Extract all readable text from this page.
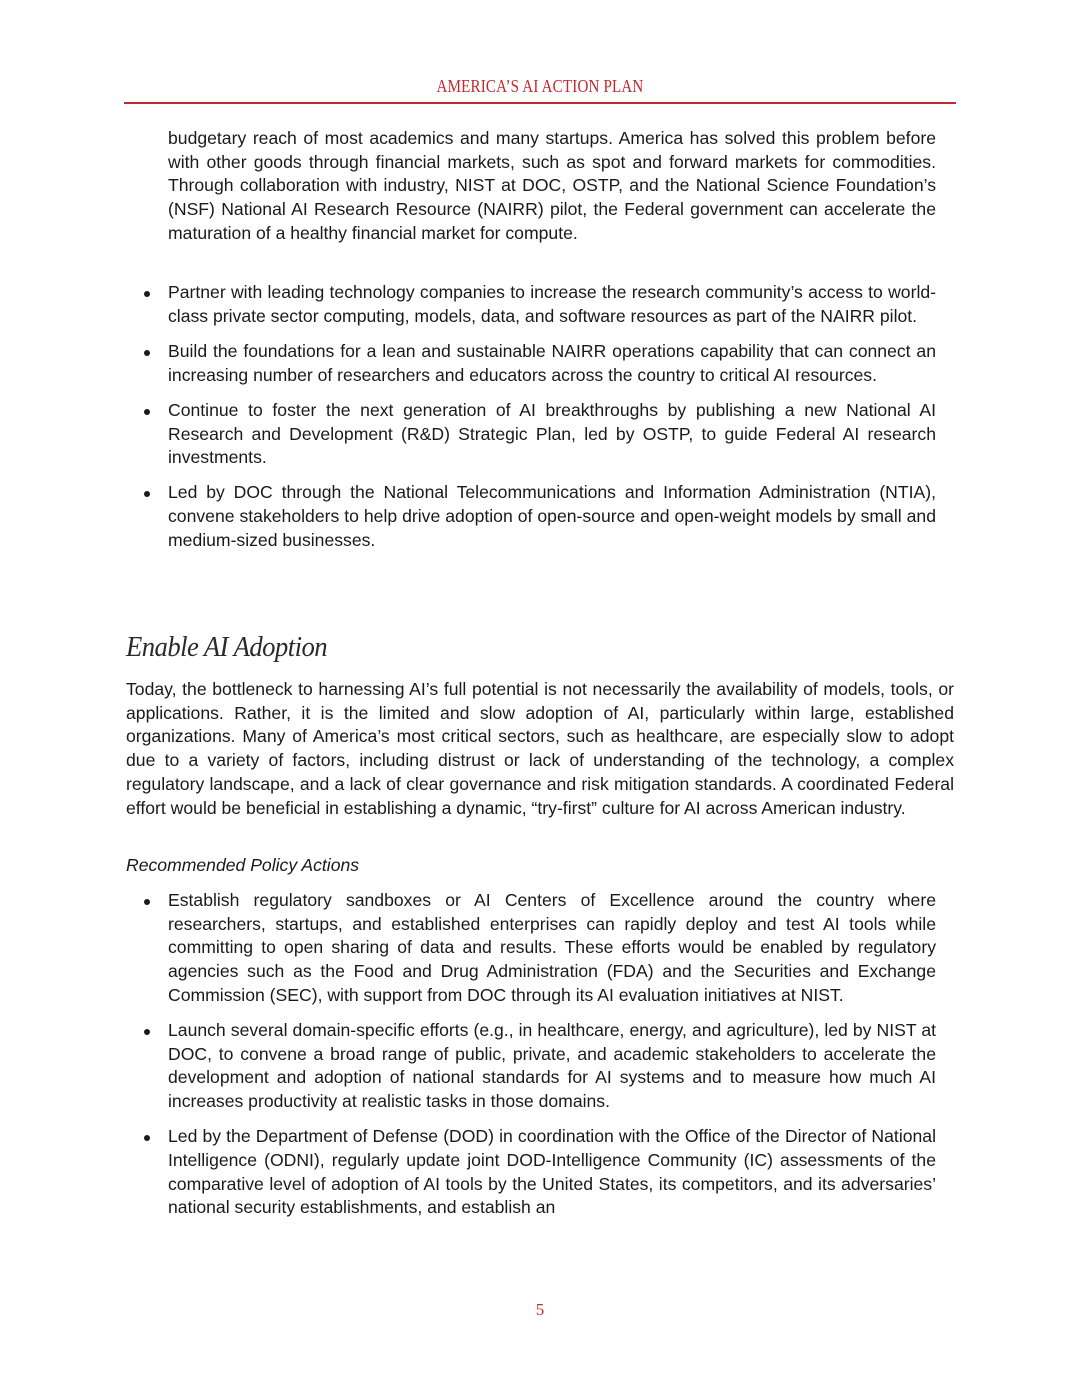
AMERICA’S AI ACTION PLAN

budgetary reach of most academics and many startups. America has solved this problem before with other goods through financial markets, such as spot and forward markets for commodities. Through collaboration with industry, NIST at DOC, OSTP, and the National Science Foundation’s (NSF) National AI Research Resource (NAIRR) pilot, the Federal government can accelerate the maturation of a healthy financial market for compute.

Partner with leading technology companies to increase the research community’s access to world-class private sector computing, models, data, and software resources as part of the NAIRR pilot.
Build the foundations for a lean and sustainable NAIRR operations capability that can connect an increasing number of researchers and educators across the country to critical AI resources.
Continue to foster the next generation of AI breakthroughs by publishing a new National AI Research and Development (R&D) Strategic Plan, led by OSTP, to guide Federal AI research investments.
Led by DOC through the National Telecommunications and Information Administration (NTIA), convene stakeholders to help drive adoption of open-source and open-weight models by small and medium-sized businesses.
Enable AI Adoption

Today, the bottleneck to harnessing AI’s full potential is not necessarily the availability of models, tools, or applications. Rather, it is the limited and slow adoption of AI, particularly within large, established organizations. Many of America’s most critical sectors, such as healthcare, are especially slow to adopt due to a variety of factors, including distrust or lack of understanding of the technology, a complex regulatory landscape, and a lack of clear governance and risk mitigation standards. A coordinated Federal effort would be beneficial in establishing a dynamic, “try-first” culture for AI across American industry.

Recommended Policy Actions

Establish regulatory sandboxes or AI Centers of Excellence around the country where researchers, startups, and established enterprises can rapidly deploy and test AI tools while committing to open sharing of data and results. These efforts would be enabled by regulatory agencies such as the Food and Drug Administration (FDA) and the Securities and Exchange Commission (SEC), with support from DOC through its AI evaluation initiatives at NIST.
Launch several domain-specific efforts (e.g., in healthcare, energy, and agriculture), led by NIST at DOC, to convene a broad range of public, private, and academic stakeholders to accelerate the development and adoption of national standards for AI systems and to measure how much AI increases productivity at realistic tasks in those domains.
Led by the Department of Defense (DOD) in coordination with the Office of the Director of National Intelligence (ODNI), regularly update joint DOD-Intelligence Community (IC) assessments of the comparative level of adoption of AI tools by the United States, its competitors, and its adversaries’ national security establishments, and establish an
5
